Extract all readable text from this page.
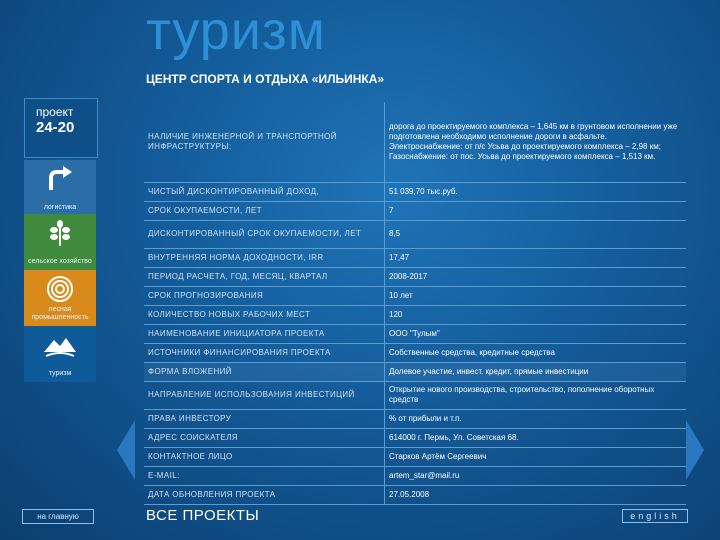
туризм
ЦЕНТР СПОРТА И ОТДЫХА «ИЛЬИНКА»
проект
24-20
логистика
сельское хозяйство
лесная промышленность
туризм
НАЛИЧИЕ ИНЖЕНЕРНОЙ И ТРАНСПОРТНОЙ ИНФРАСТРУКТУРЫ:	дорога до проектируемого комплекса – 1,645 км в грунтовом исполнении уже подготовлена необходимо исполнение дороги в асфальте. Электроснабжение: от п/с Усьва до проектируемого комплекса – 2,98 км; Газоснабжение: от пос. Усьва до проектируемого комплекса – 1,513 км.
ЧИСТЫЙ ДИСКОНТИРОВАННЫЙ ДОХОД,	51 039,70 тыс.руб.
СРОК ОКУПАЕМОСТИ, ЛЕТ	7
ДИСКОНТИРОВАННЫЙ СРОК ОКУПАЕМОСТИ, ЛЕТ	8,5
ВНУТРЕННЯЯ НОРМА ДОХОДНОСТИ, IRR	17,47
ПЕРИОД РАСЧЕТА, ГОД, МЕСЯЦ, КВАРТАЛ	2008-2017
СРОК ПРОГНОЗИРОВАНИЯ	10 лет
КОЛИЧЕСТВО НОВЫХ РАБОЧИХ МЕСТ	120
НАИМЕНОВАНИЕ ИНИЦИАТОРА ПРОЕКТА	ООО "Тулым"
ИСТОЧНИКИ ФИНАНСИРОВАНИЯ ПРОЕКТА	Собственные средства, кредитные средства
ФОРМА ВЛОЖЕНИЙ	Долевое участие, инвест. кредит, прямые инвестиции
НАПРАВЛЕНИЕ ИСПОЛЬЗОВАНИЯ ИНВЕСТИЦИЙ	Открытие нового производства, строительство, пополнение оборотных средств
ПРАВА ИНВЕСТОРУ	% от прибыли и т.п.
АДРЕС СОИСКАТЕЛЯ	614000 г. Пермь, Ул. Советская 68.
КОНТАКТНОЕ ЛИЦО	Старков Артём Сергеевич
E-MAIL:	artem_star@mail.ru
ДАТА ОБНОВЛЕНИЯ ПРОЕКТА	27.05.2008
на главную	ВСЕ ПРОЕКТЫ	english
